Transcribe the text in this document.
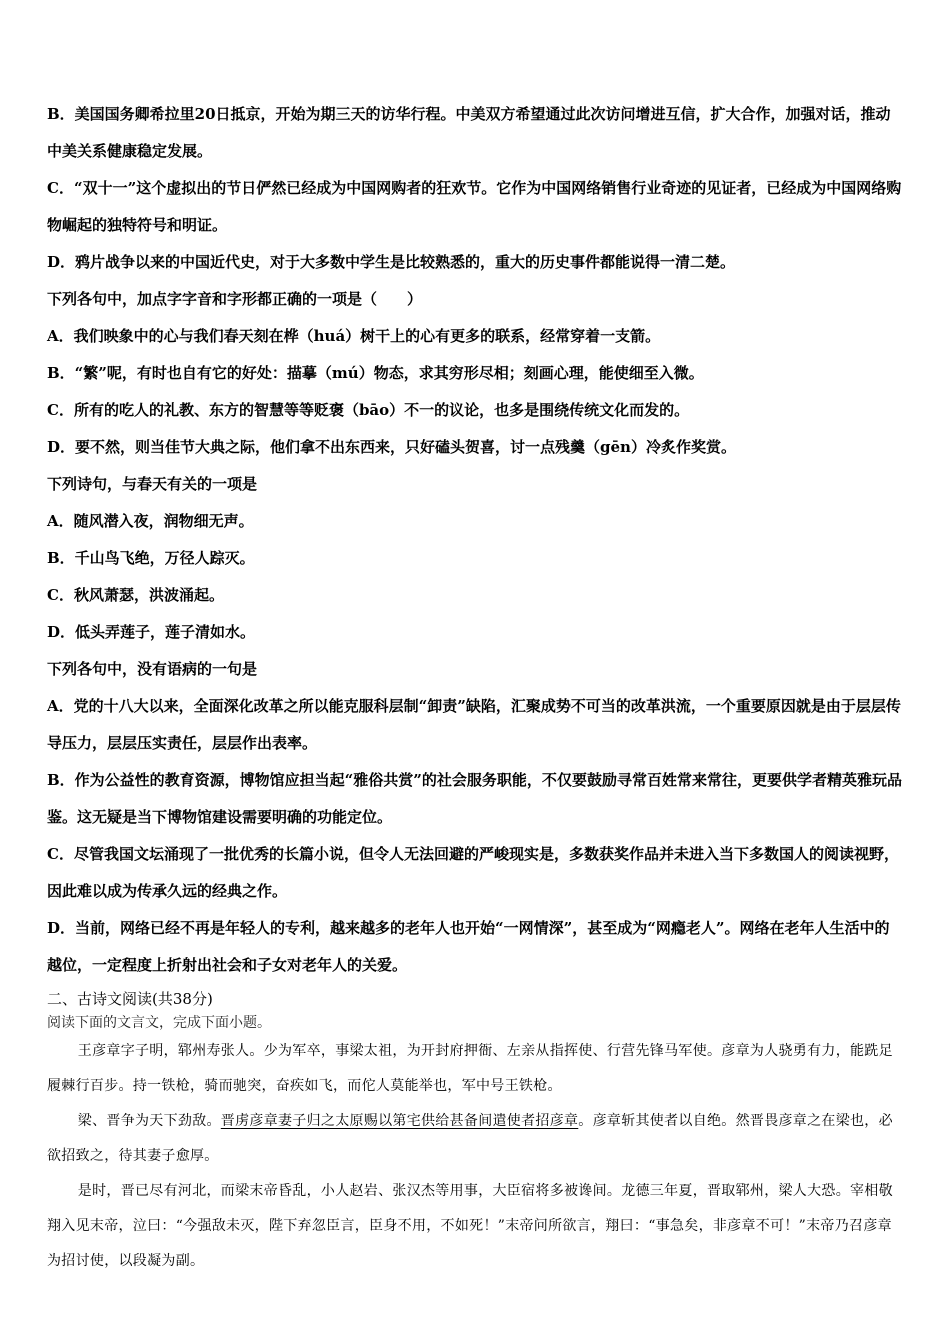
B．美国国务卿希拉里20日抵京，开始为期三天的访华行程。中美双方希望通过此次访问增进互信，扩大合作，加强对话，推动中美关系健康稳定发展。

C．“双十一”这个虚拟出的节日俨然已经成为中国网购者的狂欢节。它作为中国网络销售行业奇迹的见证者，已经成为中国网络购物崛起的独特符号和明证。

D．鸦片战争以来的中国近代史，对于大多数中学生是比较熟悉的，重大的历史事件都能说得一清二楚。

下列各句中，加点字字音和字形都正确的一项是（　　）

A．我们映象中的心与我们春天刻在桦（huá）树干上的心有更多的联系，经常穿着一支箭。

B．“繁”呢，有时也自有它的好处：描摹（mú）物态，求其穷形尽相；刻画心理，能使细至入微。

C．所有的吃人的礼教、东方的智慧等等贬褒（bāo）不一的议论，也多是围绕传统文化而发的。

D．要不然，则当佳节大典之际，他们拿不出东西来，只好磕头贺喜，讨一点残羹（gēn）冷炙作奖赏。

下列诗句，与春天有关的一项是

A．随风潜入夜，润物细无声。

B．千山鸟飞绝，万径人踪灭。

C．秋风萧瑟，洪波涌起。

D．低头弄莲子，莲子清如水。

下列各句中，没有语病的一句是

A．党的十八大以来，全面深化改革之所以能克服科层制“卸责”缺陷，汇聚成势不可当的改革洪流，一个重要原因就是由于层层传导压力，层层压实责任，层层作出表率。

B．作为公益性的教育资源，博物馆应担当起“雅俗共赏”的社会服务职能，不仅要鼓励寻常百姓常来常往，更要供学者精英雅玩品鉴。这无疑是当下博物馆建设需要明确的功能定位。

C．尽管我国文坛涌现了一批优秀的长篇小说，但令人无法回避的严峻现实是，多数获奖作品并未进入当下多数国人的阅读视野，因此难以成为传承久远的经典之作。

D．当前，网络已经不再是年轻人的专利，越来越多的老年人也开始“一网情深”，甚至成为“网瘾老人”。网络在老年人生活中的越位，一定程度上折射出社会和子女对老年人的关爱。

二、古诗文阅读(共38分)
阅读下面的文言文，完成下面小题。

王彦章字子明，郓州寿张人。少为军卒，事梁太祖，为开封府押衙、左亲从指挥使、行营先锋马军使。彦章为人骁勇有力，能跣足履棘行百步。持一铁枪，骑而驰突，奋疾如飞，而佗人莫能举也，军中号王铁枪。

梁、晋争为天下劲敌。晋虏彦章妻子归之太原赐以第宅供给甚备间遣使者招彦章。彦章斩其使者以自绝。然晋畏彦章之在梁也，必欲招致之，待其妻子愈厚。

是时，晋已尽有河北，而梁末帝昏乱，小人赵岩、张汉杰等用事，大臣宿将多被谗间。龙德三年夏，晋取郓州，梁人大恐。宰相敬翔入见末帝，泣曰：“今强敌未灭，陛下弃忽臣言，臣身不用，不如死！”末帝问所欲言，翔曰：“事急矣，非彦章不可！”末帝乃召彦章为招讨使，以段凝为副。
